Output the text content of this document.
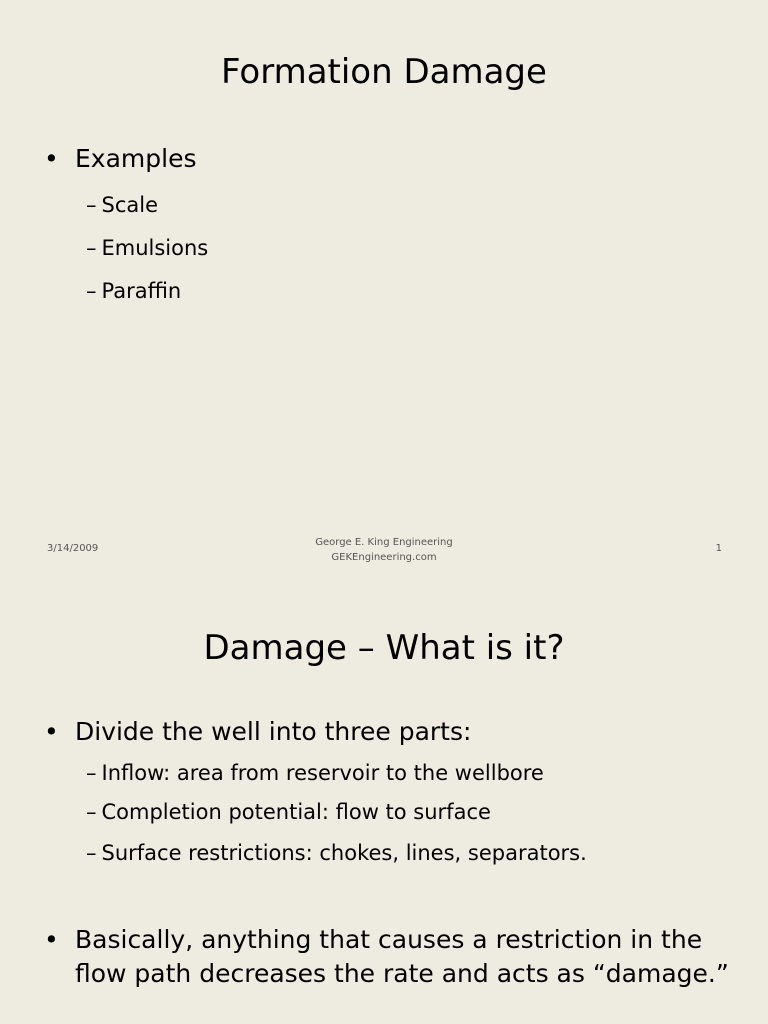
Formation Damage
• Examples
– Scale
– Emulsions
– Paraffin
3/14/2009
George E. King Engineering
GEKEngineering.com
1
Damage – What is it?
• Divide the well into three parts:
– Inflow: area from reservoir to the wellbore
– Completion potential: flow to surface
– Surface restrictions: chokes, lines, separators.
• Basically, anything that causes a restriction in the flow path decreases the rate and acts as “damage.”
